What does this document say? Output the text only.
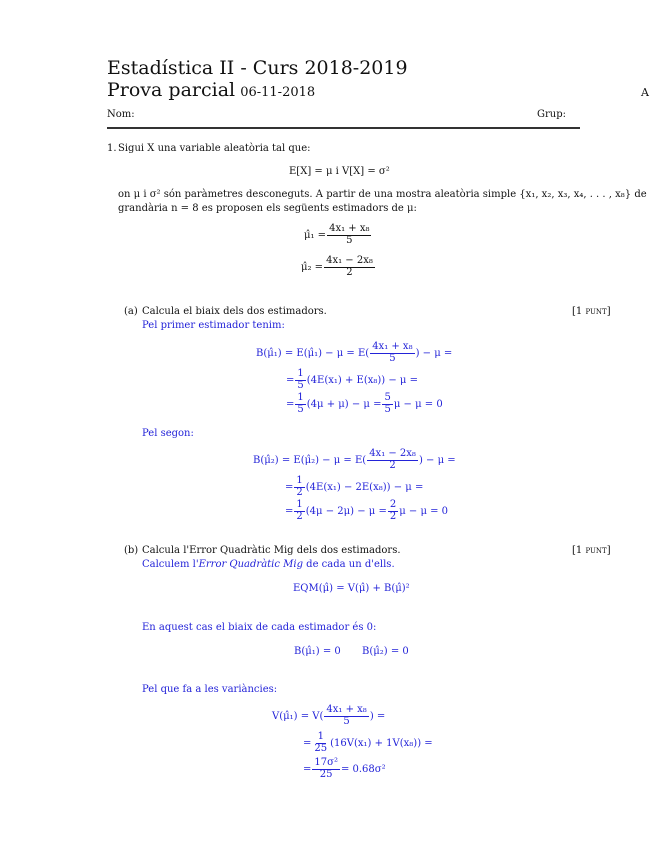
Estadística II - Curs 2018-2019
Prova parcial 06-11-2018	A
Nom:	Grup:
1. Sigui X una variable aleatòria tal que:
E[X] = μ i V[X] = σ²
on μ i σ² són paràmetres desconeguts. A partir de una mostra aleatòria simple {x₁, x₂, x₃, x₄, . . . , x₈} de
grandària n = 8 es proposen els següents estimadors de μ:
μ̂₁ = $\frac{\text{4x₁ + x₈}}{5}$
μ̂₂ = $\frac{\text{4x₁ − 2x₈}}{2}$
(a) Calcula el biaix dels dos estimadors.	[1 punt]
Pel primer estimador tenim:
B(μ̂₁) = E(μ̂₁) − $\mu = E( \frac{\text{4x₁ + x₈}}{5}$ ) − μ =
= $\frac{1}{5} (4E(x_1) + E(x_8)) - \mu$ =
= $\frac{1}{5} (4\mu + \mu) - \mu = \frac{5}{5}$ μ − μ = 0
Pel segon:
B(μ̂₂) = E(μ̂₂) − $\mu = E( \frac{\text{4x₁ − 2x₈}}{2}$ ) − μ =
= $\frac{1}{2} (4E(x_1) - 2E(x_8)) - \mu$ =
= $\frac{1}{2} (4\mu - 2\mu) - \mu = \frac{2}{2}$ μ − μ = 0
(b) Calcula l'Error Quadràtic Mig dels dos estimadors.	[1 punt]
Calculem l'Error Quadràtic Mig de cada un d'ells.
EQM(μ̂) = V(μ̂) + B(μ̂)²
En aquest cas el biaix de cada estimador és 0:
B(μ̂₁) = 0 B(μ̂₂) = 0
Pel que fa a les variàncies:
V(μ̂₁) = $V( \frac{\text{4x₁ + x₈}}{5}$ ) =
= $\frac{1}{25} (16V(x_1) + 1V(x_8))$ =
= $\frac{\text{17σ²}}{25} = 0.68\sigma^2$
